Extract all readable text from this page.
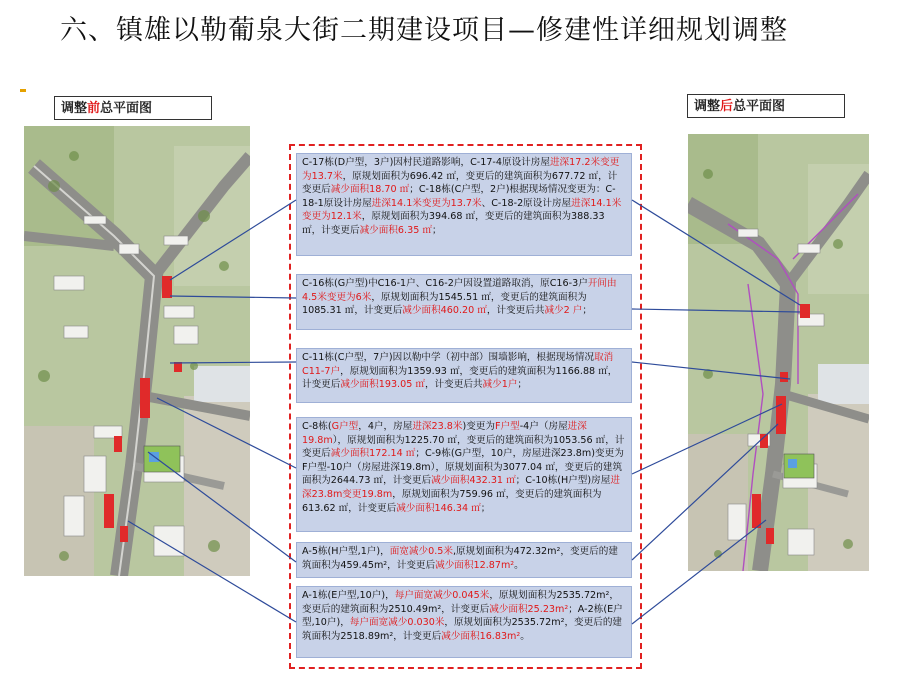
六、镇雄以勒葡泉大街二期建设项目—修建性详细规划调整
调整前总平面图	调整后总平面图
C-17栋(D户型，3户)因村民道路影响，C-17-4原设计房屋进深17.2米变更为13.7米，原规划面积为696.42 ㎡，变更后的建筑面积为677.72 ㎡，计变更后减少面积18.70 ㎡；C-18栋(C户型，2户)根据现场情况变更为：C-18-1原设计房屋进深14.1米变更为13.7米、C-18-2原设计房屋进深14.1米变更为12.1米，原规划面积为394.68 ㎡，变更后的建筑面积为388.33 ㎡，计变更后减少面积6.35 ㎡；
C-16栋(G户型)中C16-1户、C16-2户因设置道路取消，原C16-3户开间由4.5米变更为6米，原规划面积为1545.51 ㎡，变更后的建筑面积为1085.31 ㎡，计变更后减少面积460.20 ㎡，计变更后共减少2 户；
C-11栋(C户型，7户)因以勒中学（初中部）围墙影响，根据现场情况取消C11-7户，原规划面积为1359.93 ㎡，变更后的建筑面积为1166.88 ㎡，计变更后减少面积193.05 ㎡，计变更后共减少1户；
C-8栋(G户型，4户，房屋进深23.8米)变更为F户型-4户（房屋进深19.8m），原规划面积为1225.70 ㎡，变更后的建筑面积为1053.56 ㎡，计变更后减少面积172.14 ㎡；C-9栋(G户型，10户，房屋进深23.8m)变更为F户型-10户（房屋进深19.8m），原规划面积为3077.04 ㎡，变更后的建筑面积为2644.73 ㎡，计变更后减少面积432.31 ㎡；C-10栋(H户型)房屋进深23.8m变更19.8m，原规划面积为759.96 ㎡，变更后的建筑面积为613.62 ㎡，计变更后减少面积146.34 ㎡；
A-5栋(H户型,1户)，面宽减少0.5米,原规划面积为472.32m²，变更后的建筑面积为459.45m²，计变更后减少面积12.87m²。
A-1栋(E户型,10户)，每户面宽减少0.045米，原规划面积为2535.72m²，变更后的建筑面积为2510.49m²，计变更后减少面积25.23m²；A-2栋(E户型,10户)，每户面宽减少0.030米，原规划面积为2535.72m²，变更后的建筑面积为2518.89m²，计变更后减少面积16.83m²。
